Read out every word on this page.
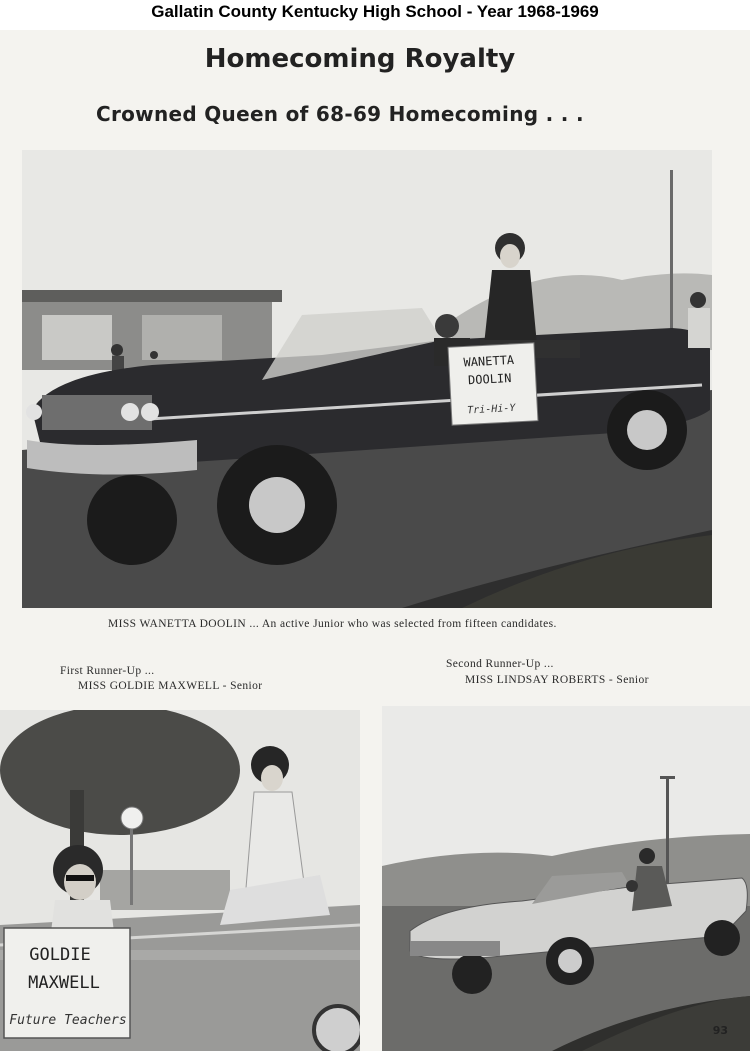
Gallatin County Kentucky High School - Year 1968-1969
Homecoming Royalty
Crowned Queen of 68-69 Homecoming . . .
WANETTA
DOOLIN
Tri-Hi-Y
MISS WANETTA DOOLIN ... An active Junior who was selected from fifteen candidates.
First Runner-Up ...
MISS GOLDIE MAXWELL - Senior
Second Runner-Up ...
MISS LINDSAY ROBERTS - Senior
GOLDIE
MAXWELL
Future Teachers
93
